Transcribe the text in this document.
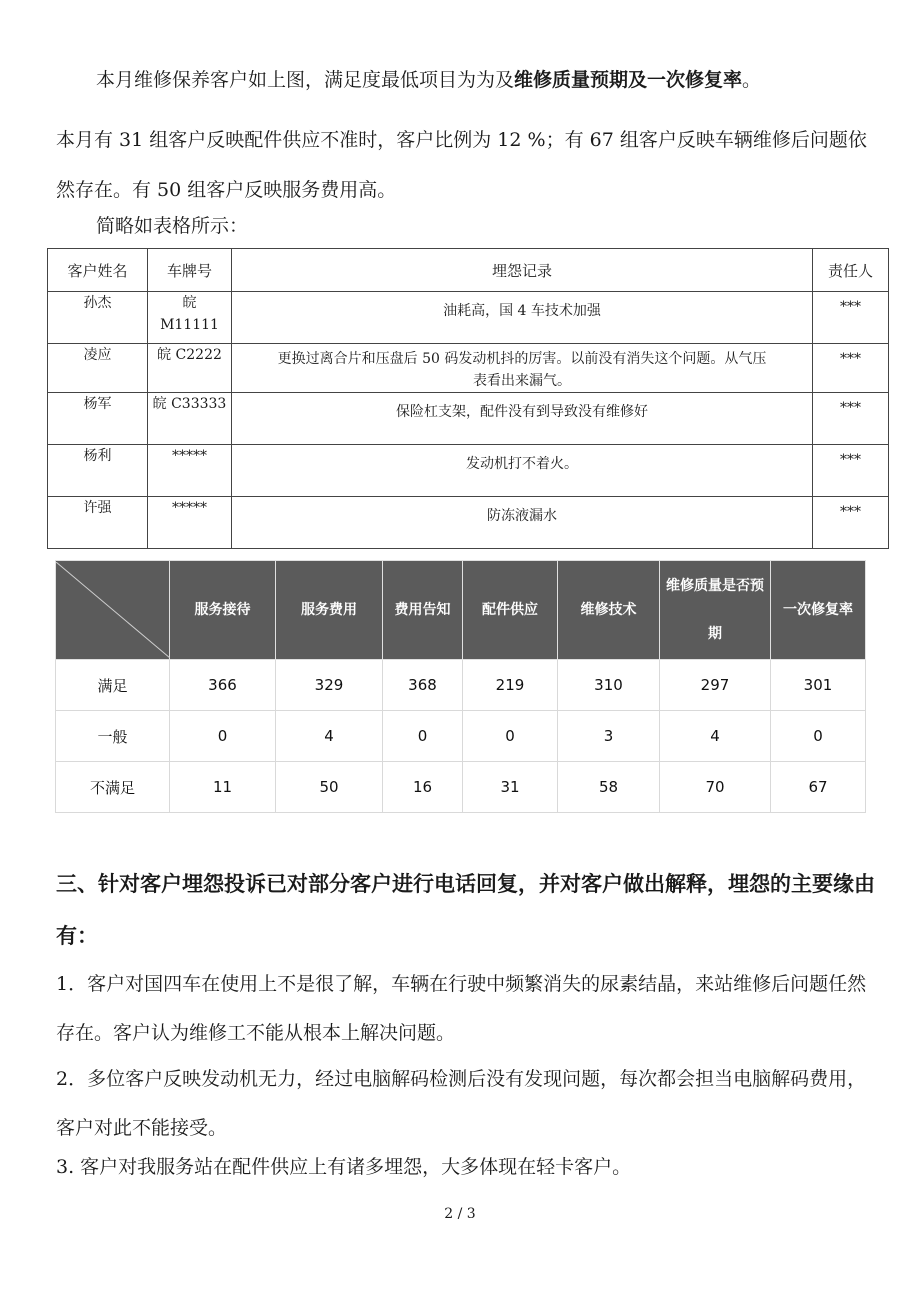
本月维修保养客户如上图，满足度最低项目为为及维修质量预期及一次修复率。

本月有 31 组客户反映配件供应不准时，客户比例为 12 %；有 67 组客户反映车辆维修后问题依然存在。有 50 组客户反映服务费用高。

简略如表格所示：

客户姓名	车牌号	埋怨记录	责任人
孙杰	皖 M11111	油耗高，国 4 车技术加强	***
凌应	皖 C2222	更换过离合片和压盘后 50 码发动机抖的厉害。以前没有消失这个问题。从气压表看出来漏气。	***
杨军	皖 C33333	保险杠支架，配件没有到导致没有维修好	***
杨利	*****	发动机打不着火。	***
许强	*****	防冻液漏水	***
	服务接待	服务费用	费用告知	配件供应	维修技术	维修质量是否预期	一次修复率
满足	366	329	368	219	310	297	301
一般	0	4	0	0	3	4	0
不满足	11	50	16	31	58	70	67

三、针对客户埋怨投诉已对部分客户进行电话回复，并对客户做出解释，埋怨的主要缘由有：

1．客户对国四车在使用上不是很了解，车辆在行驶中频繁消失的尿素结晶，来站维修后问题任然存在。客户认为维修工不能从根本上解决问题。

2．多位客户反映发动机无力，经过电脑解码检测后没有发现问题，每次都会担当电脑解码费用，客户对此不能接受。

3. 客户对我服务站在配件供应上有诸多埋怨，大多体现在轻卡客户。

2 / 3
